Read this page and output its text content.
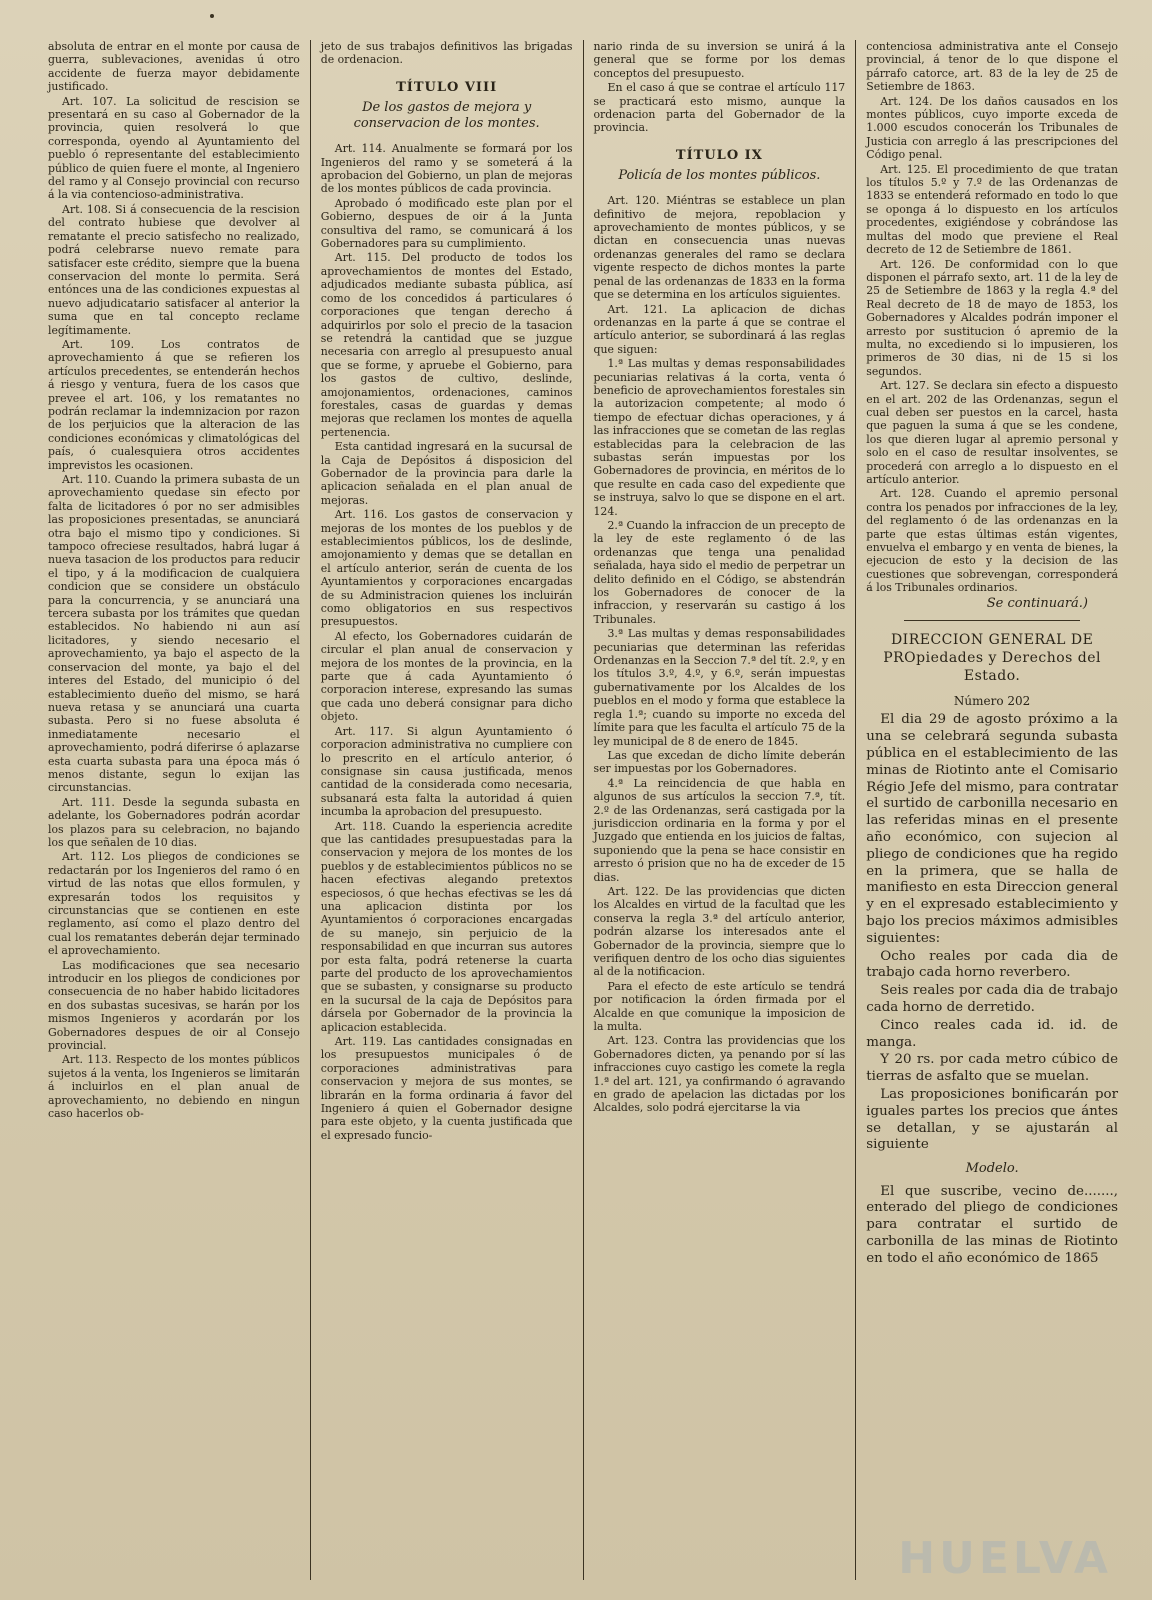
absoluta de entrar en el monte por causa de guerra, sublevaciones, avenidas ú otro accidente de fuerza mayor debidamente justificado.

Art. 107. La solicitud de rescision se presentará en su caso al Gobernador de la provincia, quien resolverá lo que corresponda, oyendo al Ayuntamiento del pueblo ó representante del establecimiento público de quien fuere el monte, al Ingeniero del ramo y al Consejo provincial con recurso á la via contencioso-administrativa.

Art. 108. Si á consecuencia de la rescision del contrato hubiese que devolver al rematante el precio satisfecho no realizado, podrá celebrarse nuevo remate para satisfacer este crédito, siempre que la buena conservacion del monte lo permita. Será entónces una de las condiciones expuestas al nuevo adjudicatario satisfacer al anterior la suma que en tal concepto reclame legítimamente.

Art. 109. Los contratos de aprovechamiento á que se refieren los artículos precedentes, se entenderán hechos á riesgo y ventura, fuera de los casos que prevee el art. 106, y los rematantes no podrán reclamar la indemnizacion por razon de los perjuicios que la alteracion de las condiciones económicas y climatológicas del país, ó cualesquiera otros accidentes imprevistos les ocasionen.

Art. 110. Cuando la primera subasta de un aprovechamiento quedase sin efecto por falta de licitadores ó por no ser admisibles las proposiciones presentadas, se anunciará otra bajo el mismo tipo y condiciones. Si tampoco ofreciese resultados, habrá lugar á nueva tasacion de los productos para reducir el tipo, y á la modificacion de cualquiera condicion que se considere un obstáculo para la concurrencia, y se anunciará una tercera subasta por los trámites que quedan establecidos. No habiendo ni aun así licitadores, y siendo necesario el aprovechamiento, ya bajo el aspecto de la conservacion del monte, ya bajo el del interes del Estado, del municipio ó del establecimiento dueño del mismo, se hará nueva retasa y se anunciará una cuarta subasta. Pero si no fuese absoluta é inmediatamente necesario el aprovechamiento, podrá diferirse ó aplazarse esta cuarta subasta para una época más ó menos distante, segun lo exijan las circunstancias.

Art. 111. Desde la segunda subasta en adelante, los Gobernadores podrán acordar los plazos para su celebracion, no bajando los que señalen de 10 dias.

Art. 112. Los pliegos de condiciones se redactarán por los Ingenieros del ramo ó en virtud de las notas que ellos formulen, y expresarán todos los requisitos y circunstancias que se contienen en este reglamento, así como el plazo dentro del cual los rematantes deberán dejar terminado el aprovechamiento.

Las modificaciones que sea necesario introducir en los pliegos de condiciones por consecuencia de no haber habido licitadores en dos subastas sucesivas, se harán por los mismos Ingenieros y acordarán por los Gobernadores despues de oir al Consejo provincial.

Art. 113. Respecto de los montes públicos sujetos á la venta, los Ingenieros se limitarán á incluirlos en el plan anual de aprovechamiento, no debiendo en ningun caso hacerlos ob-

jeto de sus trabajos definitivos las brigadas de ordenacion.

TÍTULO VIII
De los gastos de mejora y conservacion de los montes.

Art. 114. Anualmente se formará por los Ingenieros del ramo y se someterá á la aprobacion del Gobierno, un plan de mejoras de los montes públicos de cada provincia.

Aprobado ó modificado este plan por el Gobierno, despues de oir á la Junta consultiva del ramo, se comunicará á los Gobernadores para su cumplimiento.

Art. 115. Del producto de todos los aprovechamientos de montes del Estado, adjudicados mediante subasta pública, así como de los concedidos á particulares ó corporaciones que tengan derecho á adquirirlos por solo el precio de la tasacion se retendrá la cantidad que se juzgue necesaria con arreglo al presupuesto anual que se forme, y apruebe el Gobierno, para los gastos de cultivo, deslinde, amojonamientos, ordenaciones, caminos forestales, casas de guardas y demas mejoras que reclamen los montes de aquella pertenencia.

Esta cantidad ingresará en la sucursal de la Caja de Depósitos á disposicion del Gobernador de la provincia para darle la aplicacion señalada en el plan anual de mejoras.

Art. 116. Los gastos de conservacion y mejoras de los montes de los pueblos y de establecimientos públicos, los de deslinde, amojonamiento y demas que se detallan en el artículo anterior, serán de cuenta de los Ayuntamientos y corporaciones encargadas de su Administracion quienes los incluirán como obligatorios en sus respectivos presupuestos.

Al efecto, los Gobernadores cuidarán de circular el plan anual de conservacion y mejora de los montes de la provincia, en la parte que á cada Ayuntamiento ó corporacion interese, expresando las sumas que cada uno deberá consignar para dicho objeto.

Art. 117. Si algun Ayuntamiento ó corporacion administrativa no cumpliere con lo prescrito en el artículo anterior, ó consignase sin causa justificada, menos cantidad de la considerada como necesaria, subsanará esta falta la autoridad á quien incumba la aprobacion del presupuesto.

Art. 118. Cuando la esperiencia acredite que las cantidades presupuestadas para la conservacion y mejora de los montes de los pueblos y de establecimientos públicos no se hacen efectivas alegando pretextos especiosos, ó que hechas efectivas se les dá una aplicacion distinta por los Ayuntamientos ó corporaciones encargadas de su manejo, sin perjuicio de la responsabilidad en que incurran sus autores por esta falta, podrá retenerse la cuarta parte del producto de los aprovechamientos que se subasten, y consignarse su producto en la sucursal de la caja de Depósitos para dársela por Gobernador de la provincia la aplicacion establecida.

Art. 119. Las cantidades consignadas en los presupuestos municipales ó de corporaciones administrativas para conservacion y mejora de sus montes, se librarán en la forma ordinaria á favor del Ingeniero á quien el Gobernador designe para este objeto, y la cuenta justificada que el expresado funcio-

nario rinda de su inversion se unirá á la general que se forme por los demas conceptos del presupuesto.

En el caso á que se contrae el artículo 117 se practicará esto mismo, aunque la ordenacion parta del Gobernador de la provincia.

TÍTULO IX
Policía de los montes públicos.

Art. 120. Miéntras se establece un plan definitivo de mejora, repoblacion y aprovechamiento de montes públicos, y se dictan en consecuencia unas nuevas ordenanzas generales del ramo se declara vigente respecto de dichos montes la parte penal de las ordenanzas de 1833 en la forma que se determina en los artículos siguientes.

Art. 121. La aplicacion de dichas ordenanzas en la parte á que se contrae el artículo anterior, se subordinará á las reglas que siguen:

1.ª Las multas y demas responsabilidades pecuniarias relativas á la corta, venta ó beneficio de aprovechamientos forestales sin la autorizacion competente; al modo ó tiempo de efectuar dichas operaciones, y á las infracciones que se cometan de las reglas establecidas para la celebracion de las subastas serán impuestas por los Gobernadores de provincia, en méritos de lo que resulte en cada caso del expediente que se instruya, salvo lo que se dispone en el art. 124.

2.ª Cuando la infraccion de un precepto de la ley de este reglamento ó de las ordenanzas que tenga una penalidad señalada, haya sido el medio de perpetrar un delito definido en el Código, se abstendrán los Gobernadores de conocer de la infraccion, y reservarán su castigo á los Tribunales.

3.ª Las multas y demas responsabilidades pecuniarias que determinan las referidas Ordenanzas en la Seccion 7.ª del tít. 2.º, y en los títulos 3.º, 4.º, y 6.º, serán impuestas gubernativamente por los Alcaldes de los pueblos en el modo y forma que establece la regla 1.ª; cuando su importe no exceda del límite para que les faculta el artículo 75 de la ley municipal de 8 de enero de 1845.

Las que excedan de dicho límite deberán ser impuestas por los Gobernadores.

4.ª La reincidencia de que habla en algunos de sus artículos la seccion 7.ª, tít. 2.º de las Ordenanzas, será castigada por la jurisdiccion ordinaria en la forma y por el Juzgado que entienda en los juicios de faltas, suponiendo que la pena se hace consistir en arresto ó prision que no ha de exceder de 15 dias.

Art. 122. De las providencias que dicten los Alcaldes en virtud de la facultad que les conserva la regla 3.ª del artículo anterior, podrán alzarse los interesados ante el Gobernador de la provincia, siempre que lo verifiquen dentro de los ocho dias siguientes al de la notificacion.

Para el efecto de este artículo se tendrá por notificacion la órden firmada por el Alcalde en que comunique la imposicion de la multa.

Art. 123. Contra las providencias que los Gobernadores dicten, ya penando por sí las infracciones cuyo castigo les comete la regla 1.ª del art. 121, ya confirmando ó agravando en grado de apelacion las dictadas por los Alcaldes, solo podrá ejercitarse la via

contenciosa administrativa ante el Consejo provincial, á tenor de lo que dispone el párrafo catorce, art. 83 de la ley de 25 de Setiembre de 1863.

Art. 124. De los daños causados en los montes públicos, cuyo importe exceda de 1.000 escudos conocerán los Tribunales de Justicia con arreglo á las prescripciones del Código penal.

Art. 125. El procedimiento de que tratan los títulos 5.º y 7.º de las Ordenanzas de 1833 se entenderá reformado en todo lo que se oponga á lo dispuesto en los artículos procedentes, exigiéndose y cobrándose las multas del modo que previene el Real decreto de 12 de Setiembre de 1861.

Art. 126. De conformidad con lo que disponen el párrafo sexto, art. 11 de la ley de 25 de Setiembre de 1863 y la regla 4.ª del Real decreto de 18 de mayo de 1853, los Gobernadores y Alcaldes podrán imponer el arresto por sustitucion ó apremio de la multa, no excediendo si lo impusieren, los primeros de 30 dias, ni de 15 si los segundos.

Art. 127. Se declara sin efecto a dispuesto en el art. 202 de las Ordenanzas, segun el cual deben ser puestos en la carcel, hasta que paguen la suma á que se les condene, los que dieren lugar al apremio personal y solo en el caso de resultar insolventes, se procederá con arreglo a lo dispuesto en el artículo anterior.

Art. 128. Cuando el apremio personal contra los penados por infracciones de la ley, del reglamento ó de las ordenanzas en la parte que estas últimas están vigentes, envuelva el embargo y en venta de bienes, la ejecucion de esto y la decision de las cuestiones que sobrevengan, corresponderá á los Tribunales ordinarios.

Se continuará.)
DIRECCION GENERAL DE PROpiedades y Derechos del Estado.
Número 202

El dia 29 de agosto próximo a la una se celebrará segunda subasta pública en el establecimiento de las minas de Riotinto ante el Comisario Régio Jefe del mismo, para contratar el surtido de carbonilla necesario en las referidas minas en el presente año económico, con sujecion al pliego de condiciones que ha regido en la primera, que se halla de manifiesto en esta Direccion general y en el expresado establecimiento y bajo los precios máximos admisibles siguientes:

Ocho reales por cada dia de trabajo cada horno reverbero.

Seis reales por cada dia de trabajo cada horno de derretido.

Cinco reales cada id. id. de manga.

Y 20 rs. por cada metro cúbico de tierras de asfalto que se muelan.

Las proposiciones bonificarán por iguales partes los precios que ántes se detallan, y se ajustarán al siguiente

Modelo.

El que suscribe, vecino de......., enterado del pliego de condiciones para contratar el surtido de carbonilla de las minas de Riotinto en todo el año económico de 1865

HUELVA
